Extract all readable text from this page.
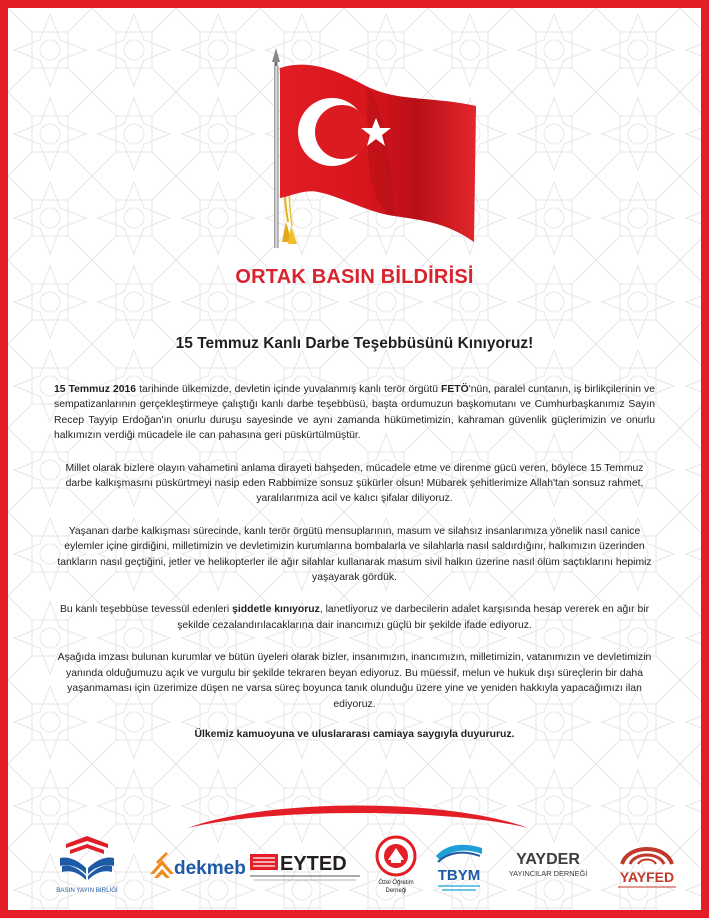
ORTAK BASIN BİLDİRİSİ
15 Temmuz Kanlı Darbe Teşebbüsünü Kınıyoruz!

15 Temmuz 2016 tarihinde ülkemizde, devletin içinde yuvalanmış kanlı terör örgütü FETÖ'nün, paralel cuntanın, iş birlikçilerinin ve sempatizanlarının gerçekleştirmeye çalıştığı kanlı darbe teşebbüsü, başta ordumuzun başkomutanı ve Cumhurbaşkanımız Sayın Recep Tayyip Erdoğan'ın onurlu duruşu sayesinde ve aynı zamanda hükümetimizin, kahraman güvenlik güçlerimizin ve onurlu halkımızın verdiği mücadele ile can pahasına geri püskürtülmüştür.

Millet olarak bizlere olayın vahametini anlama dirayeti bahşeden, mücadele etme ve direnme gücü veren, böylece 15 Temmuz darbe kalkışmasını püskürtmeyi nasip eden Rabbimize sonsuz şükürler olsun! Mübarek şehitlerimize Allah'tan sonsuz rahmet, yaralılarımıza acil ve kalıcı şifalar diliyoruz.

Yaşanan darbe kalkışması sürecinde, kanlı terör örgütü mensuplarının, masum ve silahsız insanlarımıza yönelik nasıl canice eylemler içine girdiğini, milletimizin ve devletimizin kurumlarına bombalarla ve silahlarla nasıl saldırdığını, halkımızın üzerinden tankların nasıl geçtiğini, jetler ve helikopterler ile ağır silahlar kullanarak masum sivil halkın üzerine nasıl ölüm saçtıklarını hepimiz yaşayarak gördük.

Bu kanlı teşebbüse tevessül edenleri şiddetle kınıyoruz, lanetliyoruz ve darbecilerin adalet karşısında hesap vererek en ağır bir şekilde cezalandırılacaklarına dair inancımızı güçlü bir şekilde ifade ediyoruz.

Aşağıda imzası bulunan kurumlar ve bütün üyeleri olarak bizler, insanımızın, inancımızın, milletimizin, vatanımızın ve devletimizin yanında olduğumuzu açık ve vurgulu bir şekilde tekraren beyan ediyoruz. Bu müessif, melun ve hukuk dışı süreçlerin bir daha yaşanmaması için üzerimize düşen ne varsa süreç boyunca tanık olunduğu üzere yine ve yeniden hakkıyla yapacağımızı ilan ediyoruz.

Ülkemiz kamuoyuna ve uluslararası camiaya saygıyla duyururuz.

BASIN YAYIN BİRLİĞİ
dekmeb EYTED
Özel Öğretim
Derneği
TBYM
YAYDER
YAYINCILAR DERNEĞİ YAYFED
